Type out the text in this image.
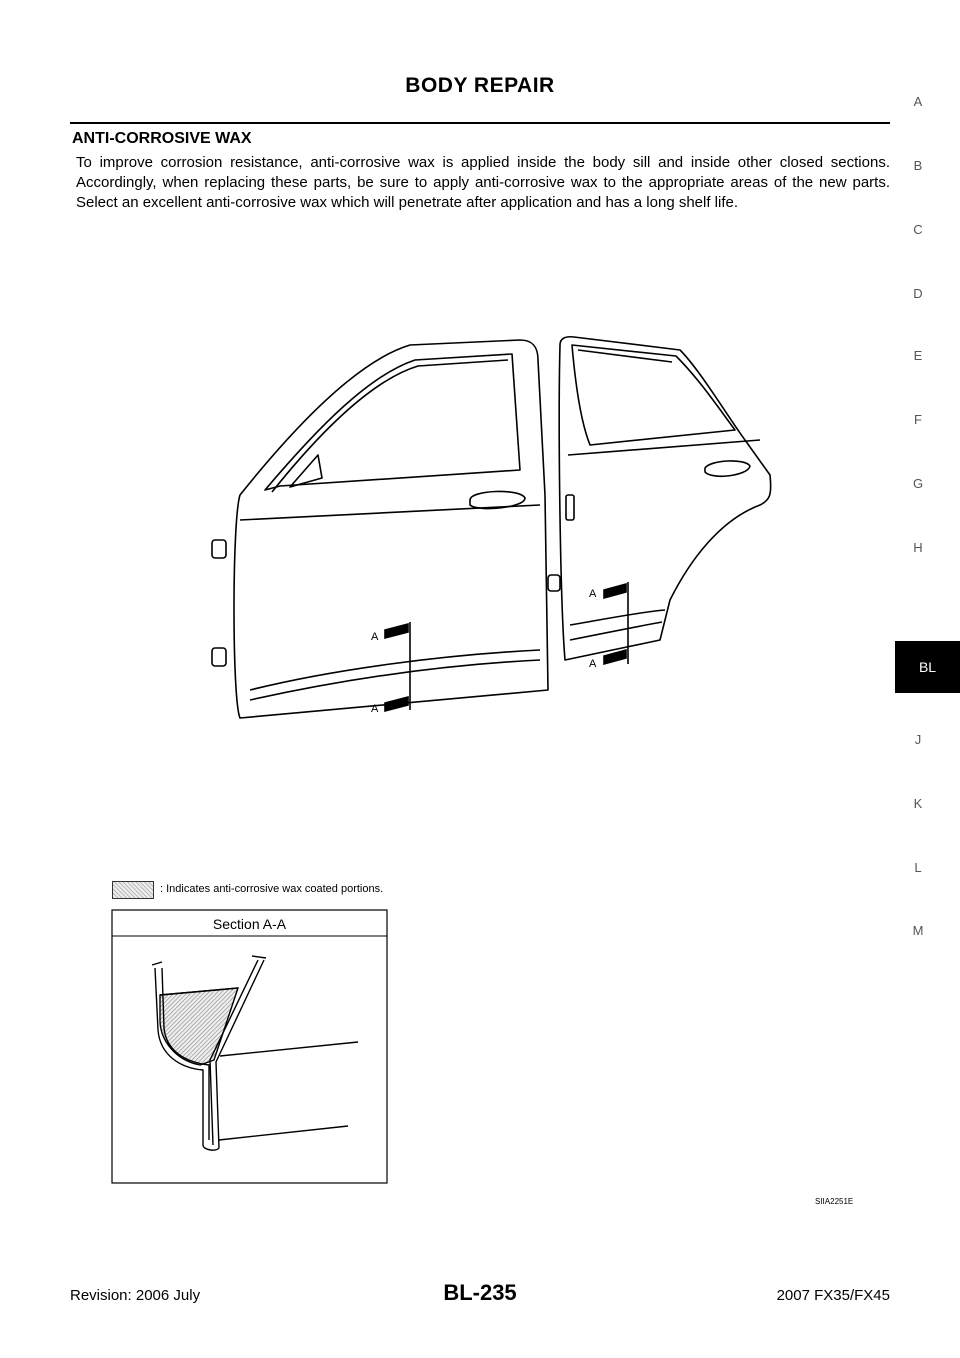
BODY REPAIR
ANTI-CORROSIVE WAX
To improve corrosion resistance, anti-corrosive wax is applied inside the body sill and inside other closed sections. Accordingly, when replacing these parts, be sure to apply anti-corrosive wax to the appropriate areas of the new parts. Select an excellent anti-corrosive wax which will penetrate after application and has a long shelf life.
A
B
C
D
E
F
G
H
BL
J
K
L
M
A
A
A
A
: Indicates anti-corrosive wax coated portions.
Section A-A
SIIA2251E
Revision: 2006 July	BL-235	2007 FX35/FX45
